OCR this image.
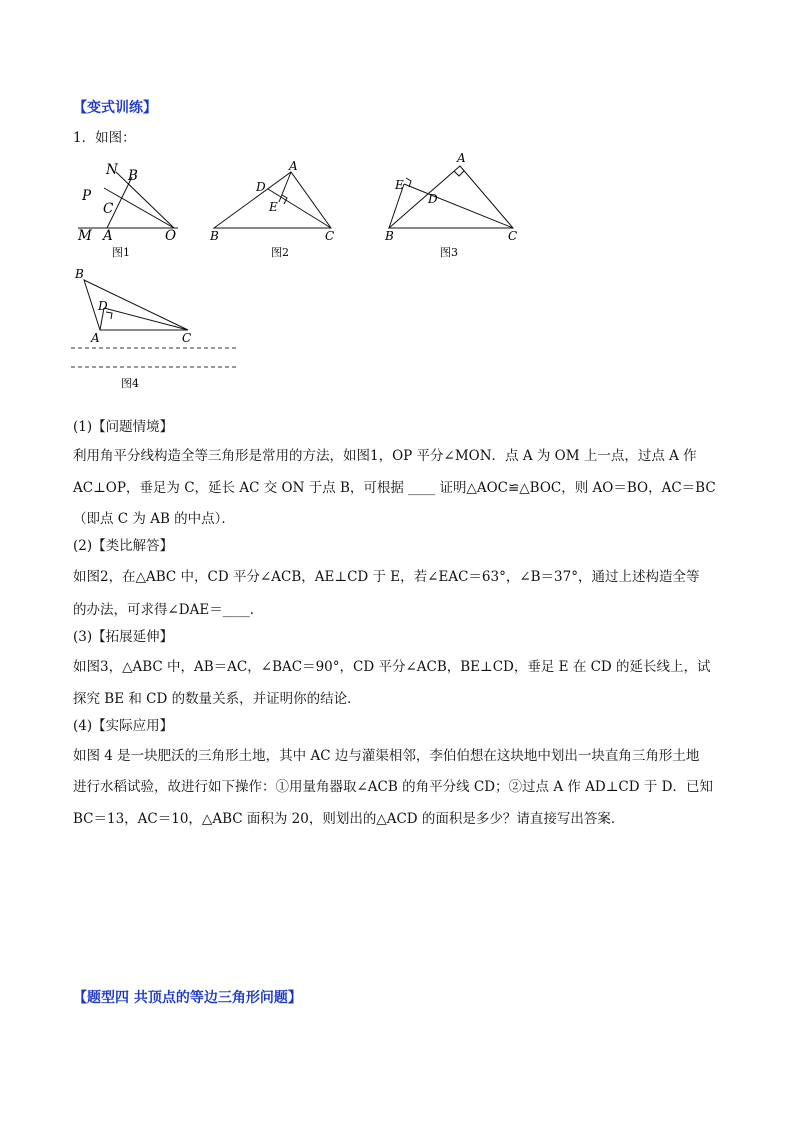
【变式训练】
1．如图：
N B
P
C
M A	O
图1
A
D
E
B	C
图2
A
E
D
B	C
图3
B
D
A	C
图4
(1)【问题情境】
利用角平分线构造全等三角形是常用的方法，如图1，OP 平分∠MON．点 A 为 OM 上一点，过点 A 作
AC⊥OP，垂足为 C，延长 AC 交 ON 于点 B，可根据 ____ 证明△AOC≌△BOC，则 AO＝BO，AC＝BC
（即点 C 为 AB 的中点）．
(2)【类比解答】
如图2，在△ABC 中，CD 平分∠ACB，AE⊥CD 于 E，若∠EAC＝63°，∠B＝37°，通过上述构造全等
的办法，可求得∠DAE＝____．
(3)【拓展延伸】
如图3，△ABC 中，AB＝AC，∠BAC＝90°，CD 平分∠ACB，BE⊥CD，垂足 E 在 CD 的延长线上，试
探究 BE 和 CD 的数量关系，并证明你的结论．
(4)【实际应用】
如图 4 是一块肥沃的三角形土地，其中 AC 边与灌渠相邻，李伯伯想在这块地中划出一块直角三角形土地
进行水稻试验，故进行如下操作：①用量角器取∠ACB 的角平分线 CD；②过点 A 作 AD⊥CD 于 D．已知
BC＝13，AC＝10，△ABC 面积为 20，则划出的△ACD 的面积是多少？请直接写出答案．
【题型四 共顶点的等边三角形问题】
